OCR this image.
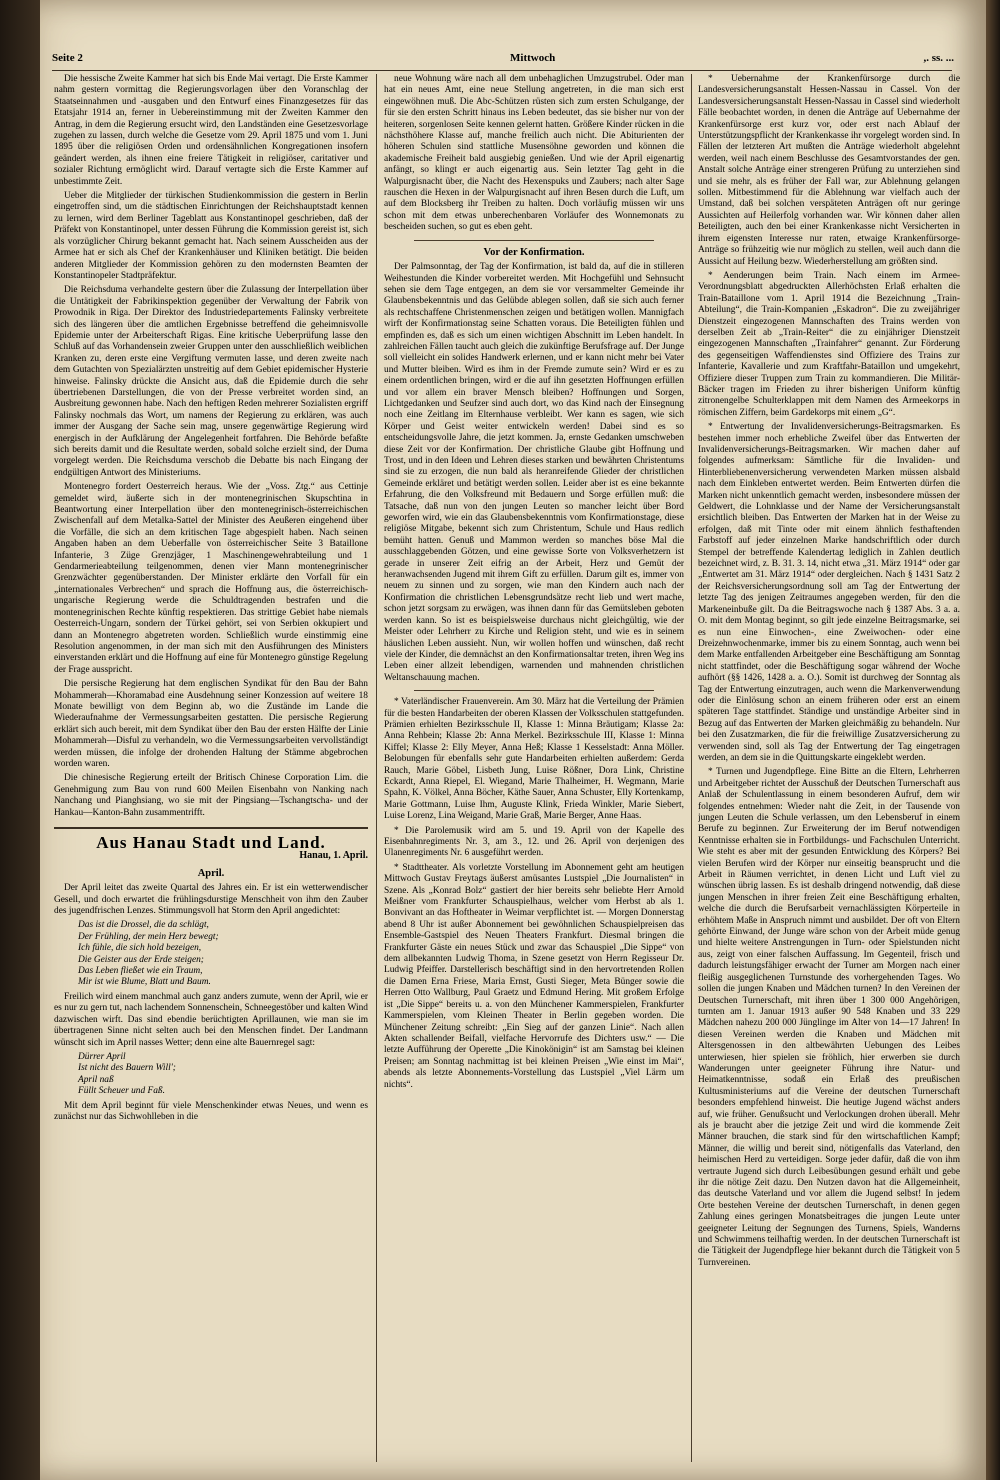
Seite 2	Mittwoch	,. ss. ...

Die hessische Zweite Kammer hat sich bis Ende Mai vertagt. Die Erste Kammer nahm gestern vormittag die Regierungsvorlagen über den Voranschlag der Staatseinnahmen und -ausgaben und den Entwurf eines Finanzgesetzes für das Etatsjahr 1914 an, ferner in Uebereinstimmung mit der Zweiten Kammer den Antrag, in dem die Regierung ersucht wird, den Landständen eine Gesetzesvorlage zugehen zu lassen, durch welche die Gesetze vom 29. April 1875 und vom 1. Juni 1895 über die religiösen Orden und ordensähnlichen Kongregationen insofern geändert werden, als ihnen eine freiere Tätigkeit in religiöser, caritativer und sozialer Richtung ermöglicht wird. Darauf vertagte sich die Erste Kammer auf unbestimmte Zeit.

Ueber die Mitglieder der türkischen Studienkommission die gestern in Berlin eingetroffen sind, um die städtischen Einrichtungen der Reichshauptstadt kennen zu lernen, wird dem Berliner Tageblatt aus Konstantinopel geschrieben, daß der Präfekt von Konstantinopel, unter dessen Führung die Kommission gereist ist, sich als vorzüglicher Chirurg bekannt gemacht hat. Nach seinem Ausscheiden aus der Armee hat er sich als Chef der Krankenhäuser und Kliniken betätigt. Die beiden anderen Mitglieder der Kommission gehören zu den modernsten Beamten der Konstantinopeler Stadtpräfektur.

Die Reichsduma verhandelte gestern über die Zulassung der Interpellation über die Untätigkeit der Fabrikinspektion gegenüber der Verwaltung der Fabrik von Prowodnik in Riga. Der Direktor des Industriedepartements Falinsky verbreitete sich des längeren über die amtlichen Ergebnisse betreffend die geheimnisvolle Epidemie unter der Arbeiterschaft Rigas. Eine kritische Ueberprüfung lasse den Schluß auf das Vorhandensein zweier Gruppen unter den ausschließlich weiblichen Kranken zu, deren erste eine Vergiftung vermuten lasse, und deren zweite nach dem Gutachten von Spezialärzten unstreitig auf dem Gebiet epidemischer Hysterie hinweise. Falinsky drückte die Ansicht aus, daß die Epidemie durch die sehr übertriebenen Darstellungen, die von der Presse verbreitet worden sind, an Ausbreitung gewonnen habe. Nach den heftigen Reden mehrerer Sozialisten ergriff Falinsky nochmals das Wort, um namens der Regierung zu erklären, was auch immer der Ausgang der Sache sein mag, unsere gegenwärtige Regierung wird energisch in der Aufklärung der Angelegenheit fortfahren. Die Behörde befaßte sich bereits damit und die Resultate werden, sobald solche erzielt sind, der Duma vorgelegt werden. Die Reichsduma verschob die Debatte bis nach Eingang der endgültigen Antwort des Ministeriums.

Montenegro fordert Oesterreich heraus. Wie der „Voss. Ztg.“ aus Cettinje gemeldet wird, äußerte sich in der montenegrinischen Skupschtina in Beantwortung einer Interpellation über den montenegrinisch-österreichischen Zwischenfall auf dem Metalka-Sattel der Minister des Aeußeren eingehend über die Vorfälle, die sich an dem kritischen Tage abgespielt haben. Nach seinen Angaben haben an dem Ueberfalle von österreichischer Seite 3 Bataillone Infanterie, 3 Züge Grenzjäger, 1 Maschinengewehrabteilung und 1 Gendarmerieabteilung teilgenommen, denen vier Mann montenegrinischer Grenzwächter gegenüberstanden. Der Minister erklärte den Vorfall für ein „internationales Verbrechen“ und sprach die Hoffnung aus, die österreichisch-ungarische Regierung werde die Schuldtragenden bestrafen und die montenegrinischen Rechte künftig respektieren. Das strittige Gebiet habe niemals Oesterreich-Ungarn, sondern der Türkei gehört, sei von Serbien okkupiert und dann an Montenegro abgetreten worden. Schließlich wurde einstimmig eine Resolution angenommen, in der man sich mit den Ausführungen des Ministers einverstanden erklärt und die Hoffnung auf eine für Montenegro günstige Regelung der Frage ausspricht.

Die persische Regierung hat dem englischen Syndikat für den Bau der Bahn Mohammerah—Khoramabad eine Ausdehnung seiner Konzession auf weitere 18 Monate bewilligt von dem Beginn ab, wo die Zustände im Lande die Wiederaufnahme der Vermessungsarbeiten gestatten. Die persische Regierung erklärt sich auch bereit, mit dem Syndikat über den Bau der ersten Hälfte der Linie Mohammerah—Disful zu verhandeln, wo die Vermessungsarbeiten vervollständigt werden müssen, die infolge der drohenden Haltung der Stämme abgebrochen worden waren.

Die chinesische Regierung erteilt der Britisch Chinese Corporation Lim. die Genehmigung zum Bau von rund 600 Meilen Eisenbahn von Nanking nach Nanchang und Pianghsiang, wo sie mit der Pingsiang—Tschangtscha- und der Hankau—Kanton-Bahn zusammentrifft.

Aus Hanau Stadt und Land.
Hanau, 1. April.
April.

Der April leitet das zweite Quartal des Jahres ein. Er ist ein wetterwendischer Gesell, und doch erwartet die frühlingsdurstige Menschheit von ihm den Zauber des jugendfrischen Lenzes. Stimmungsvoll hat Storm den April angedichtet:

Das ist die Drossel, die da schlägt,
Der Frühling, der mein Herz bewegt;
Ich fühle, die sich hold bezeigen,
Die Geister aus der Erde steigen;
Das Leben fließet wie ein Traum,
Mir ist wie Blume, Blatt und Baum.

Freilich wird einem manchmal auch ganz anders zumute, wenn der April, wie er es nur zu gern tut, nach lachendem Sonnenschein, Schneegestöber und kalten Wind dazwischen wirft. Das sind ebendie berüchtigten Aprillaunen, wie man sie im übertragenen Sinne nicht selten auch bei den Menschen findet. Der Landmann wünscht sich im April nasses Wetter; denn eine alte Bauernregel sagt:

Dürrer April
Ist nicht des Bauern Will';
April naß
Füllt Scheuer und Faß.

Mit dem April beginnt für viele Menschenkinder etwas Neues, und wenn es zunächst nur das Sichwohlleben in die

neue Wohnung wäre nach all dem unbehaglichen Umzugstrubel. Oder man hat ein neues Amt, eine neue Stellung angetreten, in die man sich erst eingewöhnen muß. Die Abc-Schützen rüsten sich zum ersten Schulgange, der für sie den ersten Schritt hinaus ins Leben bedeutet, das sie bisher nur von der heiteren, sorgenlosen Seite kennen gelernt hatten. Größere Kinder rücken in die nächsthöhere Klasse auf, manche freilich auch nicht. Die Abiturienten der höheren Schulen sind stattliche Musensöhne geworden und können die akademische Freiheit bald ausgiebig genießen. Und wie der April eigenartig anfängt, so klingt er auch eigenartig aus. Sein letzter Tag geht in die Walpurgisnacht über, die Nacht des Hexenspuks und Zaubers; nach alter Sage rauschen die Hexen in der Walpurgisnacht auf ihren Besen durch die Luft, um auf dem Blocksberg ihr Treiben zu halten. Doch vorläufig müssen wir uns schon mit dem etwas unberechenbaren Vorläufer des Wonnemonats zu bescheiden suchen, so gut es eben geht.

Vor der Konfirmation.

Der Palmsonntag, der Tag der Konfirmation, ist bald da, auf die in stilleren Weihestunden die Kinder vorbereitet werden. Mit Hochgefühl und Sehnsucht sehen sie dem Tage entgegen, an dem sie vor versammelter Gemeinde ihr Glaubensbekenntnis und das Gelübde ablegen sollen, daß sie sich auch ferner als rechtschaffene Christenmenschen zeigen und betätigen wollen. Mannigfach wirft der Konfirmationstag seine Schatten voraus. Die Beteiligten fühlen und empfinden es, daß es sich um einen wichtigen Abschnitt im Leben handelt. In zahlreichen Fällen taucht auch gleich die zukünftige Berufsfrage auf. Der Junge soll vielleicht ein solides Handwerk erlernen, und er kann nicht mehr bei Vater und Mutter bleiben. Wird es ihm in der Fremde zumute sein? Wird er es zu einem ordentlichen bringen, wird er die auf ihn gesetzten Hoffnungen erfüllen und vor allem ein braver Mensch bleiben? Hoffnungen und Sorgen, Lichtgedanken und Seufzer sind auch dort, wo das Kind nach der Einsegnung noch eine Zeitlang im Elternhause verbleibt. Wer kann es sagen, wie sich Körper und Geist weiter entwickeln werden! Dabei sind es so entscheidungsvolle Jahre, die jetzt kommen. Ja, ernste Gedanken umschweben diese Zeit vor der Konfirmation. Der christliche Glaube gibt Hoffnung und Trost, und in den Ideen und Lehren dieses starken und bewährten Christentums sind sie zu erzogen, die nun bald als heranreifende Glieder der christlichen Gemeinde erkläret und betätigt werden sollen. Leider aber ist es eine bekannte Erfahrung, die den Volksfreund mit Bedauern und Sorge erfüllen muß: die Tatsache, daß nun von den jungen Leuten so mancher leicht über Bord geworfen wird, wie ein das Glaubensbekenntnis vom Konfirmationstage, diese religiöse Mitgabe, bekennt sich zum Christentum, Schule und Haus redlich bemüht hatten. Genuß und Mammon werden so manches böse Mal die ausschlaggebenden Götzen, und eine gewisse Sorte von Volksverhetzern ist gerade in unserer Zeit eifrig an der Arbeit, Herz und Gemüt der heranwachsenden Jugend mit ihrem Gift zu erfüllen. Darum gilt es, immer von neuem zu sinnen und zu sorgen, wie man den Kindern auch nach der Konfirmation die christlichen Lebensgrundsätze recht lieb und wert mache, schon jetzt sorgsam zu erwägen, was ihnen dann für das Gemütsleben geboten werden kann. So ist es beispielsweise durchaus nicht gleichgültig, wie der Meister oder Lehrherr zu Kirche und Religion steht, und wie es in seinem häuslichen Leben aussieht. Nun, wir wollen hoffen und wünschen, daß recht viele der Kinder, die demnächst an den Konfirmationsaltar treten, ihren Weg ins Leben einer allzeit lebendigen, warnenden und mahnenden christlichen Weltanschauung machen.

* Vaterländischer Frauenverein. Am 30. März hat die Verteilung der Prämien für die besten Handarbeiten der oberen Klassen der Volksschulen stattgefunden. Prämien erhielten Bezirksschule II, Klasse 1: Minna Bräutigam; Klasse 2a: Anna Rehbein; Klasse 2b: Anna Merkel. Bezirksschule III, Klasse 1: Minna Kiffel; Klasse 2: Elly Meyer, Anna Heß; Klasse 1 Kesselstadt: Anna Möller. Belobungen für ebenfalls sehr gute Handarbeiten erhielten außerdem: Gerda Rauch, Marie Göbel, Lisbeth Jung, Luise Rößner, Dora Link, Christine Eckardt, Anna Riepel, El. Wiegand, Marie Thalheimer, H. Wegmann, Marie Spahn, K. Völkel, Anna Böcher, Käthe Sauer, Anna Schuster, Elly Kortenkamp, Marie Gottmann, Luise Ihm, Auguste Klink, Frieda Winkler, Marie Siebert, Luise Lorenz, Lina Weigand, Marie Graß, Marie Berger, Anne Haas.

* Die Parolemusik wird am 5. und 19. April von der Kapelle des Eisenbahnregiments Nr. 3, am 3., 12. und 26. April von derjenigen des Ulanenregiments Nr. 6 ausgeführt werden.

* Stadttheater. Als vorletzte Vorstellung im Abonnement geht am heutigen Mittwoch Gustav Freytags äußerst amüsantes Lustspiel „Die Journalisten“ in Szene. Als „Konrad Bolz“ gastiert der hier bereits sehr beliebte Herr Arnold Meißner vom Frankfurter Schauspielhaus, welcher vom Herbst ab als 1. Bonvivant an das Hoftheater in Weimar verpflichtet ist. — Morgen Donnerstag abend 8 Uhr ist außer Abonnement bei gewöhnlichen Schauspielpreisen das Ensemble-Gastspiel des Neuen Theaters Frankfurt. Diesmal bringen die Frankfurter Gäste ein neues Stück und zwar das Schauspiel „Die Sippe“ von dem allbekannten Ludwig Thoma, in Szene gesetzt von Herrn Regisseur Dr. Ludwig Pfeiffer. Darstellerisch beschäftigt sind in den hervortretenden Rollen die Damen Erna Friese, Maria Ernst, Gusti Sieger, Meta Bünger sowie die Herren Otto Wallburg, Paul Graetz und Edmund Hering. Mit großem Erfolge ist „Die Sippe“ bereits u. a. von den Münchener Kammerspielen, Frankfurter Kammerspielen, vom Kleinen Theater in Berlin gegeben worden. Die Münchener Zeitung schreibt: „Ein Sieg auf der ganzen Linie“. Nach allen Akten schallender Beifall, vielfache Hervorrufe des Dichters usw.“ — Die letzte Aufführung der Operette „Die Kinokönigin“ ist am Samstag bei kleinen Preisen; am Sonntag nachmittag ist bei kleinen Preisen „Wie einst im Mai“, abends als letzte Abonnements-Vorstellung das Lustspiel „Viel Lärm um nichts“.

* Uebernahme der Krankenfürsorge durch die Landesversicherungsanstalt Hessen-Nassau in Cassel. Von der Landesversicherungsanstalt Hessen-Nassau in Cassel sind wiederholt Fälle beobachtet worden, in denen die Anträge auf Uebernahme der Krankenfürsorge erst kurz vor, oder erst nach Ablauf der Unterstützungspflicht der Krankenkasse ihr vorgelegt worden sind. In Fällen der letzteren Art mußten die Anträge wiederholt abgelehnt werden, weil nach einem Beschlusse des Gesamtvorstandes der gen. Anstalt solche Anträge einer strengeren Prüfung zu unterziehen sind und sie mehr, als es früher der Fall war, zur Ablehnung gelangen sollen. Mitbestimmend für die Ablehnung war vielfach auch der Umstand, daß bei solchen verspäteten Anträgen oft nur geringe Aussichten auf Heilerfolg vorhanden war. Wir können daher allen Beteiligten, auch den bei einer Krankenkasse nicht Versicherten in ihrem eigensten Interesse nur raten, etwaige Krankenfürsorge-Anträge so frühzeitig wie nur möglich zu stellen, weil auch dann die Aussicht auf Heilung bezw. Wiederherstellung am größten sind.

* Aenderungen beim Train. Nach einem im Armee-Verordnungsblatt abgedruckten Allerhöchsten Erlaß erhalten die Train-Bataillone vom 1. April 1914 die Bezeichnung „Train-Abteilung“, die Train-Kompanien „Eskadron“. Die zu zweijähriger Dienstzeit eingezogenen Mannschaften des Trains werden von derselben Zeit ab „Train-Reiter“ die zu einjähriger Dienstzeit eingezogenen Mannschaften „Trainfahrer“ genannt. Zur Förderung des gegenseitigen Waffendienstes sind Offiziere des Trains zur Infanterie, Kavallerie und zum Kraftfahr-Bataillon und umgekehrt, Offiziere dieser Truppen zum Train zu kommandieren. Die Militär-Bäcker tragen im Frieden zu ihrer bisherigen Uniform künftig zitronengelbe Schulterklappen mit dem Namen des Armeekorps in römischen Ziffern, beim Gardekorps mit einem „G“.

* Entwertung der Invalidenversicherungs-Beitragsmarken. Es bestehen immer noch erhebliche Zweifel über das Entwerten der Invalidenversicherungs-Beitragsmarken. Wir machen daher auf folgendes aufmerksam: Sämtliche für die Invaliden- und Hinterbliebenenversicherung verwendeten Marken müssen alsbald nach dem Einkleben entwertet werden. Beim Entwerten dürfen die Marken nicht unkenntlich gemacht werden, insbesondere müssen der Geldwert, die Lohnklasse und der Name der Versicherungsanstalt ersichtlich bleiben. Das Entwerten der Marken hat in der Weise zu erfolgen, daß mit Tinte oder mit einem ähnlich festhaftenden Farbstoff auf jeder einzelnen Marke handschriftlich oder durch Stempel der betreffende Kalendertag lediglich in Zahlen deutlich bezeichnet wird, z. B. 31. 3. 14, nicht etwa „31. März 1914“ oder gar „Entwertet am 31. März 1914“ oder dergleichen. Nach § 1431 Satz 2 der Reichsversicherungsordnung soll am Tag der Entwertung der letzte Tag des jenigen Zeitraumes angegeben werden, für den die Markeneinbuße gilt. Da die Beitragswoche nach § 1387 Abs. 3 a. a. O. mit dem Montag beginnt, so gilt jede einzelne Beitragsmarke, sei es nun eine Einwochen-, eine Zweiwochen- oder eine Dreizehnwochenmarke, immer bis zu einem Sonntag, auch wenn bei dem Marke entfallenden Arbeitgeber eine Beschäftigung am Sonntag nicht stattfindet, oder die Beschäftigung sogar während der Woche aufhört (§§ 1426, 1428 a. a. O.). Somit ist durchweg der Sonntag als Tag der Entwertung einzutragen, auch wenn die Markenverwendung oder die Einlösung schon an einem früheren oder erst an einem späteren Tage stattfindet. Ständige und unständige Arbeiter sind in Bezug auf das Entwerten der Marken gleichmäßig zu behandeln. Nur bei den Zusatzmarken, die für die freiwillige Zusatzversicherung zu verwenden sind, soll als Tag der Entwertung der Tag eingetragen werden, an dem sie in die Quittungskarte eingeklebt werden.

* Turnen und Jugendpflege. Eine Bitte an die Eltern, Lehrherren und Arbeitgeber richtet der Ausschuß der Deutschen Turnerschaft aus Anlaß der Schulentlassung in einem besonderen Aufruf, dem wir folgendes entnehmen: Wieder naht die Zeit, in der Tausende von jungen Leuten die Schule verlassen, um den Lebensberuf in einem Berufe zu beginnen. Zur Erweiterung der im Beruf notwendigen Kenntnisse erhalten sie in Fortbildungs- und Fachschulen Unterricht. Wie steht es aber mit der gesunden Entwicklung des Körpers? Bei vielen Berufen wird der Körper nur einseitig beansprucht und die Arbeit in Räumen verrichtet, in denen Licht und Luft viel zu wünschen übrig lassen. Es ist deshalb dringend notwendig, daß diese jungen Menschen in ihrer freien Zeit eine Beschäftigung erhalten, welche die durch die Berufsarbeit vernachlässigten Körperteile in erhöhtem Maße in Anspruch nimmt und ausbildet. Der oft von Eltern gehörte Einwand, der Junge wäre schon von der Arbeit müde genug und hielte weitere Anstrengungen in Turn- oder Spielstunden nicht aus, zeigt von einer falschen Auffassung. Im Gegenteil, frisch und dadurch leistungsfähiger erwacht der Turner am Morgen nach einer fleißig ausgeglichenen Turnstunde des vorhergehenden Tages. Wo sollen die jungen Knaben und Mädchen turnen? In den Vereinen der Deutschen Turnerschaft, mit ihren über 1 300 000 Angehörigen, turnten am 1. Januar 1913 außer 90 548 Knaben und 33 229 Mädchen nahezu 200 000 Jünglinge im Alter von 14—17 Jahren! In diesen Vereinen werden die Knaben und Mädchen mit Altersgenossen in den altbewährten Uebungen des Leibes unterwiesen, hier spielen sie fröhlich, hier erwerben sie durch Wanderungen unter geeigneter Führung ihre Natur- und Heimatkenntnisse, sodaß ein Erlaß des preußischen Kultusministeriums auf die Vereine der deutschen Turnerschaft besonders empfehlend hinweist. Die heutige Jugend wächst anders auf, wie früher. Genußsucht und Verlockungen drohen überall. Mehr als je braucht aber die jetzige Zeit und wird die kommende Zeit Männer brauchen, die stark sind für den wirtschaftlichen Kampf; Männer, die willig und bereit sind, nötigenfalls das Vaterland, den heimischen Herd zu verteidigen. Sorge jeder dafür, daß die von ihm vertraute Jugend sich durch Leibesübungen gesund erhält und gebe ihr die nötige Zeit dazu. Den Nutzen davon hat die Allgemeinheit, das deutsche Vaterland und vor allem die Jugend selbst! In jedem Orte bestehen Vereine der deutschen Turnerschaft, in denen gegen Zahlung eines geringen Monatsbeitrages die jungen Leute unter geeigneter Leitung der Segnungen des Turnens, Spiels, Wanderns und Schwimmens teilhaftig werden. In der deutschen Turnerschaft ist die Tätigkeit der Jugendpflege hier bekannt durch die Tätigkeit von 5 Turnvereinen.
